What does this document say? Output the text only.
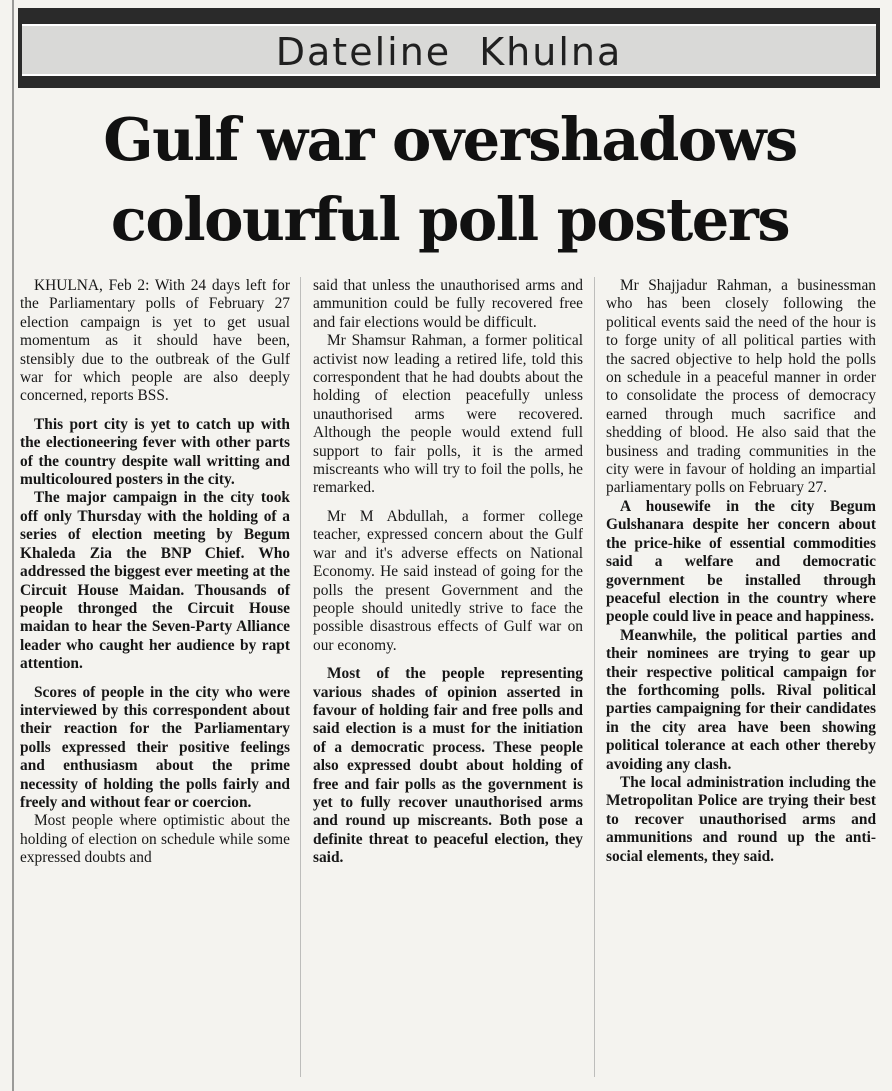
Dateline Khulna
Gulf war overshadows
colourful poll posters

KHULNA, Feb 2: With 24 days left for the Parliamentary polls of February 27 election campaign is yet to get usual momentum as it should have been, stensibly due to the outbreak of the Gulf war for which people are also deeply concerned, reports BSS.

This port city is yet to catch up with the electioneering fever with other parts of the country despite wall writting and multicoloured posters in the city.

The major campaign in the city took off only Thursday with the holding of a series of election meeting by Begum Khaleda Zia the BNP Chief. Who addressed the biggest ever meeting at the Circuit House Maidan. Thousands of people thronged the Circuit House maidan to hear the Seven-Party Alliance leader who caught her audience by rapt attention.

Scores of people in the city who were interviewed by this correspondent about their reaction for the Parliamentary polls expressed their positive feelings and enthusiasm about the prime necessity of holding the polls fairly and freely and without fear or coercion.

Most people where optimistic about the holding of election on schedule while some expressed doubts and

said that unless the unauthorised arms and ammunition could be fully recovered free and fair elections would be difficult.

Mr Shamsur Rahman, a former political activist now leading a retired life, told this correspondent that he had doubts about the holding of election peacefully unless unauthorised arms were recovered. Although the people would extend full support to fair polls, it is the armed miscreants who will try to foil the polls, he remarked.

Mr M Abdullah, a former college teacher, expressed concern about the Gulf war and it's adverse effects on National Economy. He said instead of going for the polls the present Government and the people should unitedly strive to face the possible disastrous effects of Gulf war on our economy.

Most of the people representing various shades of opinion asserted in favour of holding fair and free polls and said election is a must for the initiation of a democratic process. These people also expressed doubt about holding of free and fair polls as the government is yet to fully recover unauthorised arms and round up miscreants. Both pose a definite threat to peaceful election, they said.

Mr Shajjadur Rahman, a businessman who has been closely following the political events said the need of the hour is to forge unity of all political parties with the sacred objective to help hold the polls on schedule in a peaceful manner in order to consolidate the process of democracy earned through much sacrifice and shedding of blood. He also said that the business and trading communities in the city were in favour of holding an impartial parliamentary polls on February 27.

A housewife in the city Begum Gulshanara despite her concern about the price-hike of essential commodities said a welfare and democratic government be installed through peaceful election in the country where people could live in peace and happiness.

Meanwhile, the political parties and their nominees are trying to gear up their respective political campaign for the forthcoming polls. Rival political parties campaigning for their candidates in the city area have been showing political tolerance at each other thereby avoiding any clash.

The local administration including the Metropolitan Police are trying their best to recover unauthorised arms and ammunitions and round up the anti-social elements, they said.
